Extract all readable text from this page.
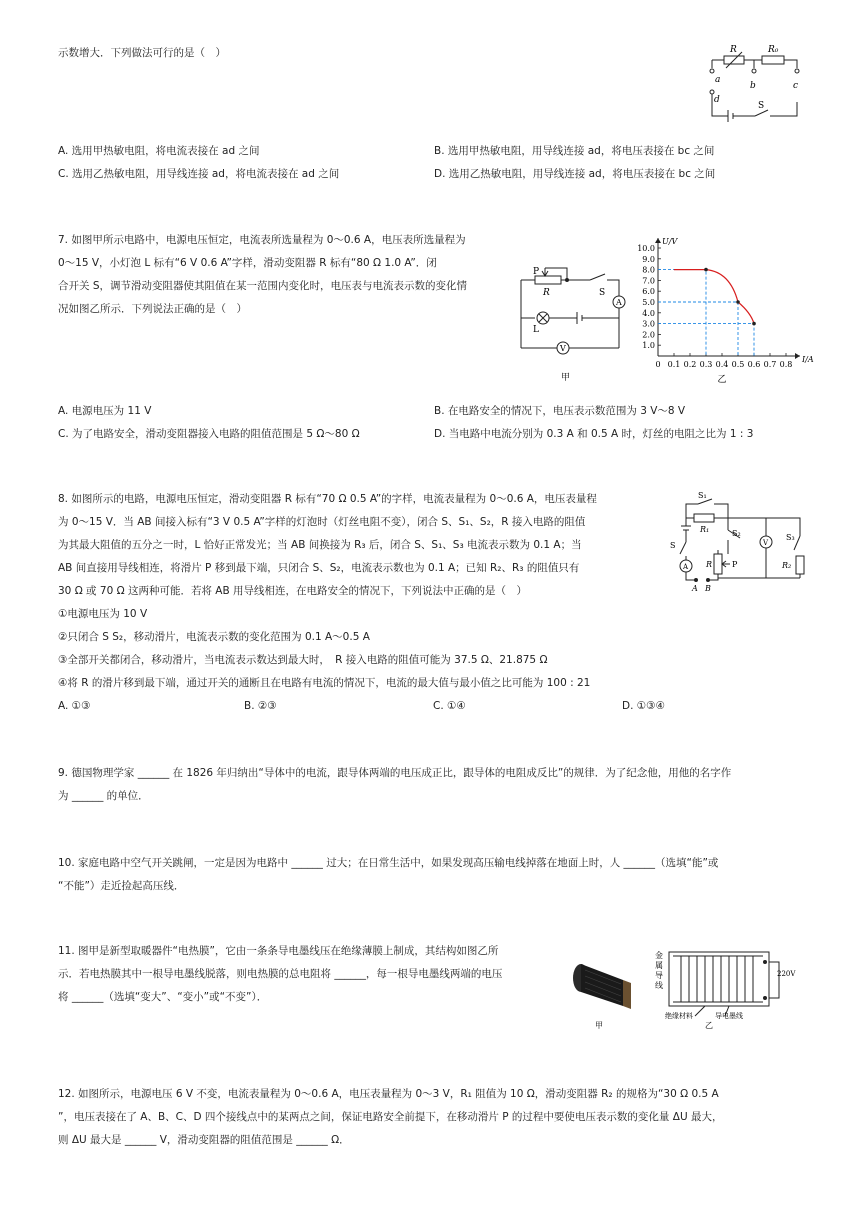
示数增大．下列做法可行的是（　）	R	R₀
a
b	c
d
S
A. 选用甲热敏电阻，将电流表接在 ad 之间	B. 选用甲热敏电阻，用导线连接 ad，将电压表接在 bc 之间
C. 选用乙热敏电阻，用导线连接 ad，将电流表接在 ad 之间	D. 选用乙热敏电阻，用导线连接 ad，将电压表接在 bc 之间
7. 如图甲所示电路中，电源电压恒定，电流表所选量程为 0～0.6 A，电压表所选量程为
0～15 V，小灯泡 L 标有“6 V 0.6 A”字样，滑动变阻器 R 标有“80 Ω 1.0 A”．闭
合开关 S，调节滑动变阻器使其阻值在某一范围内变化时，电压表与电流表示数的变化情
况如图乙所示．下列说法正确的是（　）
P
R	S
A
L
V
甲
I/A
U/V
1.0
2.0
3.0
4.0
5.0
6.0
7.0
8.0
9.0
10.0
0 0.1 0.2 0.3 0.4 0.5 0.6 0.7 0.8
乙
A. 电源电压为 11 V	B. 在电路安全的情况下，电压表示数范围为 3 V～8 V
C. 为了电路安全，滑动变阻器接入电路的阻值范围是 5 Ω～80 Ω	D. 当电路中电流分别为 0.3 A 和 0.5 A 时，灯丝的电阻之比为 1 : 3
8. 如图所示的电路，电源电压恒定，滑动变阻器 R 标有“70 Ω 0.5 A”的字样，电流表量程为 0～0.6 A，电压表量程
为 0～15 V．当 AB 间接入标有“3 V 0.5 A”字样的灯泡时（灯丝电阻不变），闭合 S、S₁、S₂，R 接入电路的阻值
为其最大阻值的五分之一时，L 恰好正常发光；当 AB 间换接为 R₃ 后，闭合 S、S₁、S₃ 电流表示数为 0.1 A；当
AB 间直接用导线相连，将滑片 P 移到最下端，只闭合 S、S₂，电流表示数也为 0.1 A；已知 R₂、R₃ 的阻值只有
30 Ω 或 70 Ω 这两种可能．若将 AB 用导线相连，在电路安全的情况下，下列说法中正确的是（　）
①电源电压为 10 V
②只闭合 S S₂，移动滑片，电流表示数的变化范围为 0.1 A～0.5 A
③全部开关都闭合，移动滑片，当电流表示数达到最大时，　R 接入电路的阻值可能为 37.5 Ω、21.875 Ω
④将 R 的滑片移到最下端，通过开关的通断且在电路有电流的情况下，电流的最大值与最小值之比可能为 100 : 21
A. ①③	B. ②③	C. ①④	D. ①③④
S₁
R₁	S₂
S	V
S₃
A R P	R₂
A B
9. 德国物理学家 ______ 在 1826 年归纳出“导体中的电流，跟导体两端的电压成正比，跟导体的电阻成反比”的规律．为了纪念他，用他的名字作
为 ______ 的单位．
10. 家庭电路中空气开关跳闸，一定是因为电路中 ______ 过大；在日常生活中，如果发现高压输电线掉落在地面上时，人 ______（选填“能”或
“不能”）走近捡起高压线．
11. 图甲是新型取暖器件“电热膜”，它由一条条导电墨线压在绝缘薄膜上制成，其结构如图乙所
示．若电热膜其中一根导电墨线脱落，则电热膜的总电阻将 ______，每一根导电墨线两端的电压
将 ______（选填“变大”、“变小”或“不变”）．
甲
金
属
导
线
220V
绝缘材料	导电墨线
乙
12. 如图所示，电源电压 6 V 不变，电流表量程为 0～0.6 A，电压表量程为 0～3 V，R₁ 阻值为 10 Ω，滑动变阻器 R₂ 的规格为“30 Ω 0.5 A
”，电压表接在了 A、B、C、D 四个接线点中的某两点之间，保证电路安全前提下，在移动滑片 P 的过程中要使电压表示数的变化量 ΔU 最大，
则 ΔU 最大是 ______ V，滑动变阻器的阻值范围是 ______ Ω．
